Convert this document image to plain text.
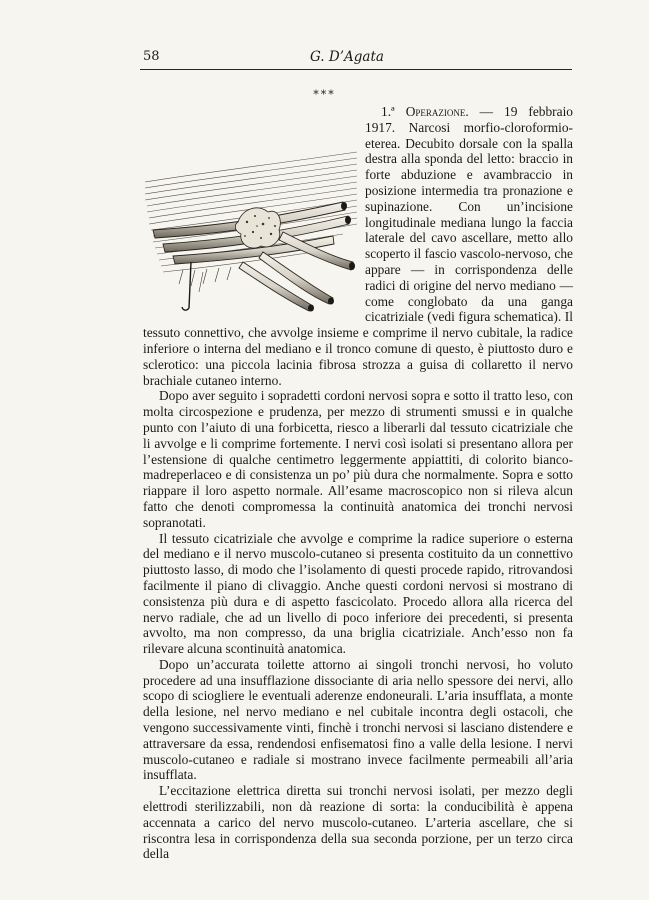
58	G. D’Agata
***

1.ª Operazione. — 19 febbraio 1917. Narcosi morfio-cloroformio-eterea. Decubito dorsale con la spalla destra alla sponda del letto: braccio in forte abduzione e avambraccio in posizione intermedia tra pronazione e supinazione. Con un’incisione longitudinale mediana lungo la faccia laterale del cavo ascellare, metto allo scoperto il fascio vascolo-nervoso, che appare — in corrispondenza delle radici di origine del nervo mediano — come conglobato da una ganga cicatriziale (vedi figura schematica). Il tessuto connettivo, che avvolge insieme e comprime il nervo cubitale, la radice inferiore o interna del mediano e il tronco comune di questo, è piuttosto duro e sclerotico: una piccola lacinia fibrosa strozza a guisa di collaretto il nervo brachiale cutaneo interno.

Dopo aver seguito i sopradetti cordoni nervosi sopra e sotto il tratto leso, con molta circospezione e prudenza, per mezzo di strumenti smussi e in qualche punto con l’aiuto di una forbicetta, riesco a liberarli dal tessuto cicatriziale che li avvolge e li comprime fortemente. I nervi così isolati si presentano allora per l’estensione di qualche centimetro leggermente appiattiti, di colorito bianco-madreperlaceo e di consistenza un po’ più dura che normalmente. Sopra e sotto riappare il loro aspetto normale. All’esame macroscopico non si rileva alcun fatto che denoti compromessa la continuità anatomica dei tronchi nervosi sopranotati.

Il tessuto cicatriziale che avvolge e comprime la radice superiore o esterna del mediano e il nervo muscolo-cutaneo si presenta costituito da un connettivo piuttosto lasso, di modo che l’isolamento di questi procede rapido, ritrovandosi facilmente il piano di clivaggio. Anche questi cordoni nervosi si mostrano di consistenza più dura e di aspetto fascicolato. Procedo allora alla ricerca del nervo radiale, che ad un livello di poco inferiore dei precedenti, si presenta avvolto, ma non compresso, da una briglia cicatriziale. Anch’esso non fa rilevare alcuna scontinuità anatomica.

Dopo un’accurata toilette attorno ai singoli tronchi nervosi, ho voluto procedere ad una insufflazione dissociante di aria nello spessore dei nervi, allo scopo di sciogliere le eventuali aderenze endoneurali. L’aria insufflata, a monte della lesione, nel nervo mediano e nel cubitale incontra degli ostacoli, che vengono successivamente vinti, finchè i tronchi nervosi si lasciano distendere e attraversare da essa, rendendosi enfisematosi fino a valle della lesione. I nervi muscolo-cutaneo e radiale si mostrano invece facilmente permeabili all’aria insufflata.

L’eccitazione elettrica diretta sui tronchi nervosi isolati, per mezzo degli elettrodi sterilizzabili, non dà reazione di sorta: la conducibilità è appena accennata a carico del nervo muscolo-cutaneo. L’arteria ascellare, che si riscontra lesa in corrispondenza della sua seconda porzione, per un terzo circa della
